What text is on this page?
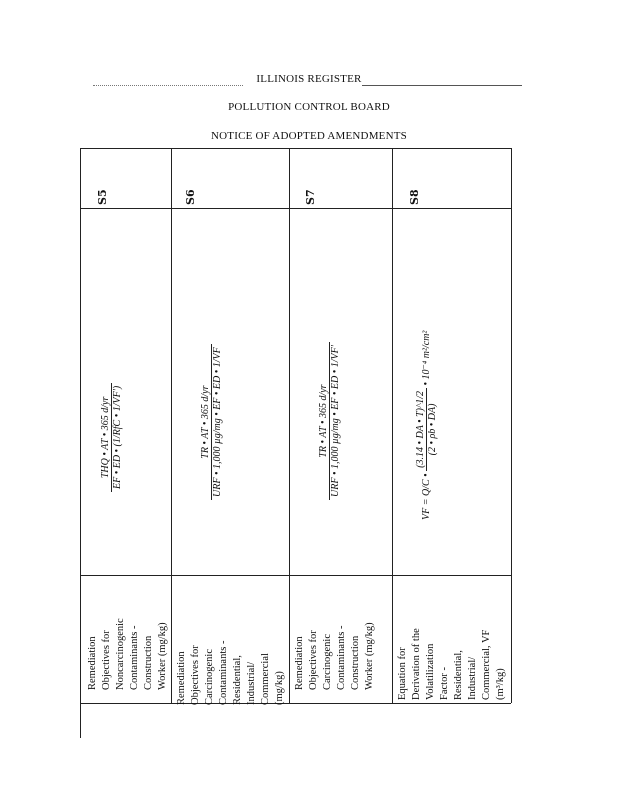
ILLINOIS REGISTER
POLLUTION CONTROL BOARD
NOTICE OF ADOPTED AMENDMENTS
S5
Remediation Objectives for Noncarcinogenic Contaminants - Construction Worker (mg/kg)
THQ • AT • 365 d/yr EF • ED • (1/RfC • 1/VF′)
S6
Remediation Objectives for Carcinogenic Contaminants - Residential, Industrial/ Commercial (mg/kg)
TR • AT • 365 d/yr URF • 1,000 µg/mg • EF • ED • 1/VF
S7
Remediation Objectives for Carcinogenic Contaminants - Construction Worker (mg/kg)
TR • AT • 365 d/yr URF • 1,000 µg/mg • EF • ED • 1/VF′
S8
Equation for Derivation of the Volatilization Factor - Residential, Industrial/ Commercial, VF (m³/kg)
VF = Q/C •
(3.14 • DA • T)^1/2 (2 • ρb • DA)
• 10⁻⁴ m²/cm²
